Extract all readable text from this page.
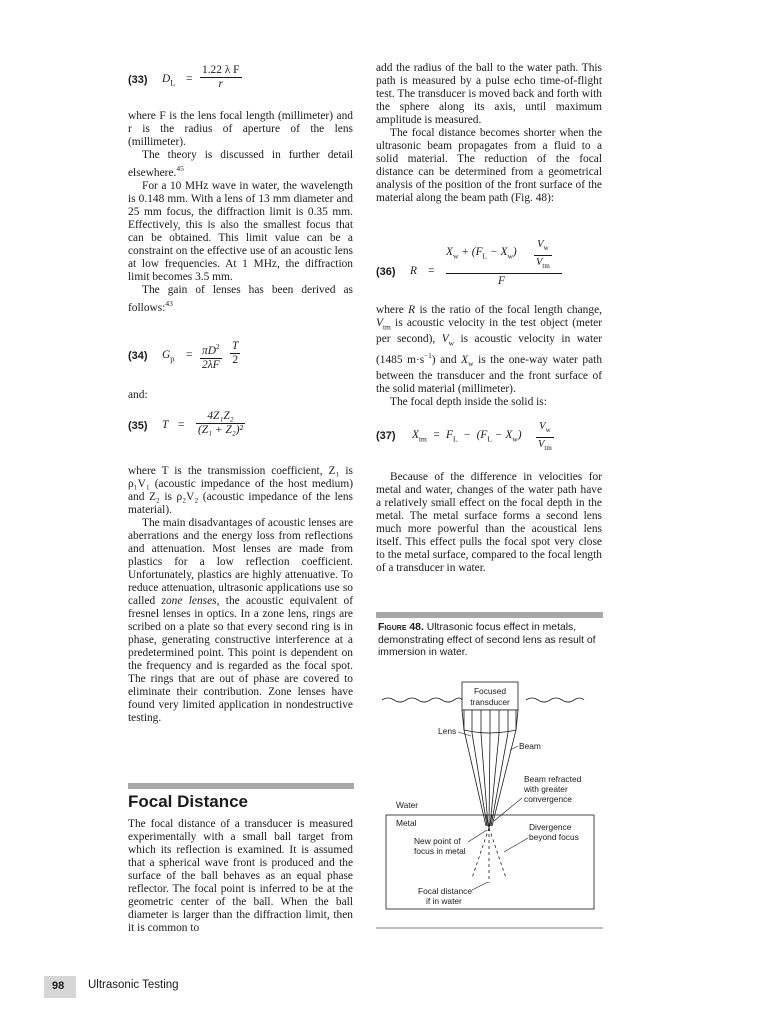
(33) $D_L = \frac{\text{1.22 λ F}}{r}$

where F is the lens focal length (millimeter) and r is the radius of aperture of the lens (millimeter).

The theory is discussed in further detail elsewhere.$^{45}$

For a 10 MHz wave in water, the wavelength is 0.148 mm. With a lens of 13 mm diameter and 25 mm focus, the diffraction limit is 0.35 mm. Effectively, this is also the smallest focus that can be obtained. This limit value can be a constraint on the effective use of an acoustic lens at low frequencies. At 1 MHz, the diffraction limit becomes 3.5 mm.

The gain of lenses has been derived as follows:$^{43}$

(34) $G_p = \frac{\pi D^2}{2\lambda F} \frac{T}{2}$

and:

(35) $T = \frac{\text{4Z₁Z₂}}{\text{(Z₁ + Z₂)²}}$

where T is the transmission coefficient, Z₁ is ρ₁V₁ (acoustic impedance of the host medium) and Z₂ is ρ₂V₂ (acoustic impedance of the lens material).

The main disadvantages of acoustic lenses are aberrations and the energy loss from reflections and attenuation. Most lenses are made from plastics for a low reflection coefficient. Unfortunately, plastics are highly attenuative. To reduce attenuation, ultrasonic applications use so called zone lenses, the acoustic equivalent of fresnel lenses in optics. In a zone lens, rings are scribed on a plate so that every second ring is in phase, generating constructive interference at a predetermined point. This point is dependent on the frequency and is regarded as the focal spot. The rings that are out of phase are covered to eliminate their contribution. Zone lenses have found very limited application in nondestructive testing.

Focal Distance

The focal distance of a transducer is measured experimentally with a small ball target from which its reflection is examined. It is assumed that a spherical wave front is produced and the surface of the ball behaves as an equal phase reflector. The focal point is inferred to be at the geometric center of the ball. When the ball diameter is larger than the diffraction limit, then it is common to

add the radius of the ball to the water path. This path is measured by a pulse echo time-of-flight test. The transducer is moved back and forth with the sphere along its axis, until maximum amplitude is measured.

The focal distance becomes shorter when the ultrasonic beam propagates from a fluid to a solid material. The reduction of the focal distance can be determined from a geometrical analysis of the position of the front surface of the material along the beam path (Fig. 48):

(36) R =
$X_w + (F_L - X_w)$
$V_w$
$V_{tm}$
F

where R is the ratio of the focal length change, $V_{tm}$ is acoustic velocity in the test object (meter per second), $V_w$ is acoustic velocity in water (1485 $m\cdot s^{-1}$) and $X_w$ is the one-way water path between the transducer and the front surface of the solid material (millimeter).

The focal depth inside the solid is:

(37) $X_{tm} = F_L - (F_L - X_w)$
$V_w$
$V_{tm}$

Because of the difference in velocities for metal and water, changes of the water path have a relatively small effect on the focal depth in the metal. The metal surface forms a second lens much more powerful than the acoustical lens itself. This effect pulls the focal spot very close to the metal surface, compared to the focal length of a transducer in water.

Figure 48. Ultrasonic focus effect in metals, demonstrating effect of second lens as result of immersion in water.
Focused
transducer
Lens
Beam
Beam refracted
with greater
convergence
Water
Metal	Divergence
beyond focus
New point of
focus in metal
Focal distance
if in water
98 Ultrasonic Testing
